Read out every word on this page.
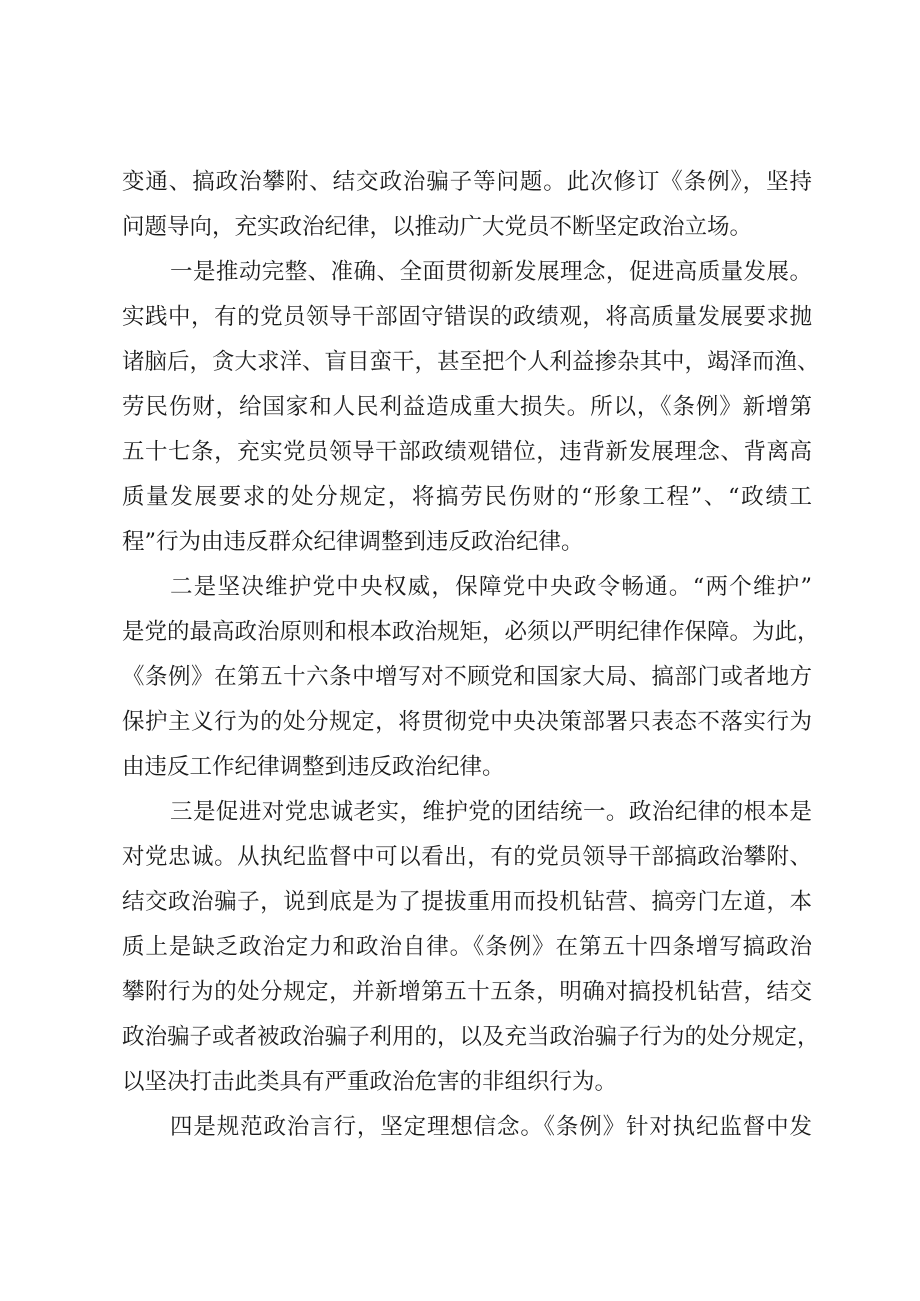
变通、搞政治攀附、结交政治骗子等问题。此次修订《条例》，坚持
问题导向，充实政治纪律，以推动广大党员不断坚定政治立场。
一是推动完整、准确、全面贯彻新发展理念，促进高质量发展。
实践中，有的党员领导干部固守错误的政绩观，将高质量发展要求抛
诸脑后，贪大求洋、盲目蛮干，甚至把个人利益掺杂其中，竭泽而渔、
劳民伤财，给国家和人民利益造成重大损失。所以，《条例》新增第
五十七条，充实党员领导干部政绩观错位，违背新发展理念、背离高
质量发展要求的处分规定，将搞劳民伤财的“形象工程”、“政绩工
程”行为由违反群众纪律调整到违反政治纪律。
二是坚决维护党中央权威，保障党中央政令畅通。“两个维护”
是党的最高政治原则和根本政治规矩，必须以严明纪律作保障。为此，
《条例》在第五十六条中增写对不顾党和国家大局、搞部门或者地方
保护主义行为的处分规定，将贯彻党中央决策部署只表态不落实行为
由违反工作纪律调整到违反政治纪律。
三是促进对党忠诚老实，维护党的团结统一。政治纪律的根本是
对党忠诚。从执纪监督中可以看出，有的党员领导干部搞政治攀附、
结交政治骗子，说到底是为了提拔重用而投机钻营、搞旁门左道，本
质上是缺乏政治定力和政治自律。《条例》在第五十四条增写搞政治
攀附行为的处分规定，并新增第五十五条，明确对搞投机钻营，结交
政治骗子或者被政治骗子利用的，以及充当政治骗子行为的处分规定，
以坚决打击此类具有严重政治危害的非组织行为。
四是规范政治言行，坚定理想信念。《条例》针对执纪监督中发
